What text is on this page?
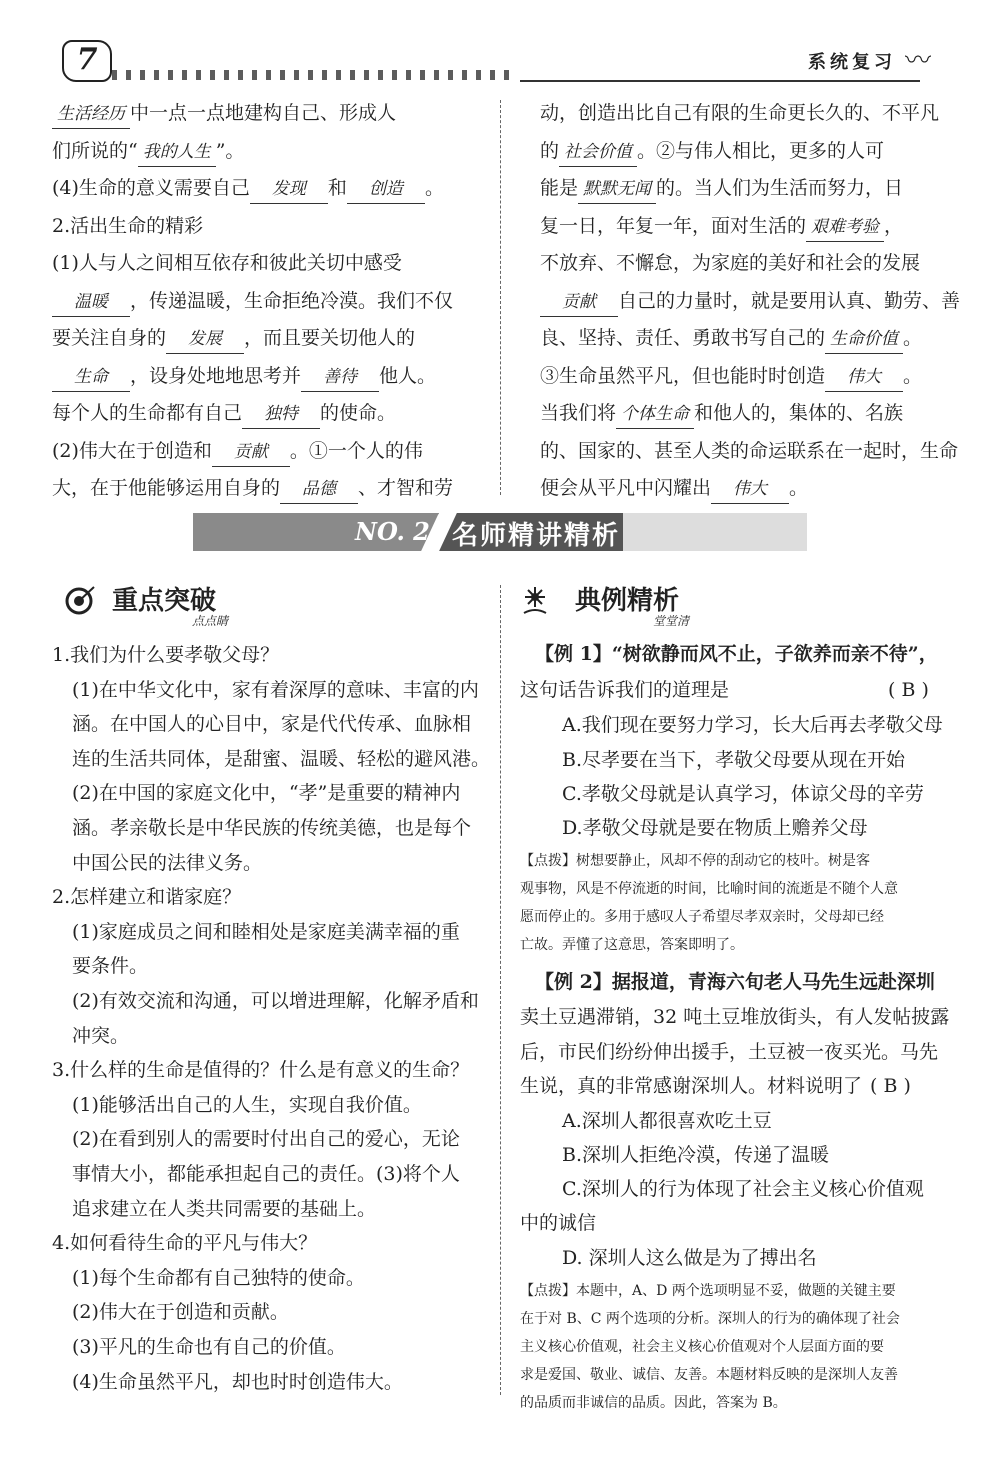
7	系统复习 〰
生活经历 中一点一点地建构自己、形成人
们所说的“ 我的人生 ”。
(4)生命的意义需要自己 发现 和 创造 。
2.活出生命的精彩
(1)人与人之间相互依存和彼此关切中感受
温暖 ，传递温暖，生命拒绝冷漠。我们不仅
要关注自身的 发展 ，而且要关切他人的
生命 ，设身处地地思考并 善待 他人。
每个人的生命都有自己 独特 的使命。
(2)伟大在于创造和 贡献 。①一个人的伟
大，在于他能够运用自身的 品德 、才智和劳
动，创造出比自己有限的生命更长久的、不平凡
的 社会价值 。②与伟人相比，更多的人可
能是 默默无闻 的。当人们为生活而努力，日
复一日，年复一年，面对生活的 艰难考验 ，
不放弃、不懈怠，为家庭的美好和社会的发展
贡献 自己的力量时，就是要用认真、勤劳、善
良、坚持、责任、勇敢书写自己的 生命价值 。
③生命虽然平凡，但也能时时创造 伟大 。
当我们将 个体生命 和他人的，集体的、名族
的、国家的、甚至人类的命运联系在一起时，生命
便会从平凡中闪耀出 伟大 。
NO. 2 名师精讲精析
重点突破
点点睛
典例精析
堂堂清
1.我们为什么要孝敬父母？
(1)在中华文化中，家有着深厚的意味、丰富的内
涵。在中国人的心目中，家是代代传承、血脉相
连的生活共同体，是甜蜜、温暖、轻松的避风港。
(2)在中国的家庭文化中，“孝”是重要的精神内
涵。孝亲敬长是中华民族的传统美德，也是每个
中国公民的法律义务。
2.怎样建立和谐家庭？
(1)家庭成员之间和睦相处是家庭美满幸福的重
要条件。
(2)有效交流和沟通，可以增进理解，化解矛盾和
冲突。
3.什么样的生命是值得的？什么是有意义的生命？
(1)能够活出自己的人生，实现自我价值。
(2)在看到别人的需要时付出自己的爱心，无论
事情大小，都能承担起自己的责任。(3)将个人
追求建立在人类共同需要的基础上。
4.如何看待生命的平凡与伟大？
(1)每个生命都有自己独特的使命。
(2)伟大在于创造和贡献。
(3)平凡的生命也有自己的价值。
(4)生命虽然平凡，却也时时创造伟大。
【例 1】“树欲静而风不止，子欲养而亲不待”，
这句话告诉我们的道理是	( B )
A.我们现在要努力学习，长大后再去孝敬父母
B.尽孝要在当下，孝敬父母要从现在开始
C.孝敬父母就是认真学习，体谅父母的辛劳
D.孝敬父母就是要在物质上赡养父母
【点拨】树想要静止，风却不停的刮动它的枝叶。树是客
观事物，风是不停流逝的时间，比喻时间的流逝是不随个人意
愿而停止的。多用于感叹人子希望尽孝双亲时，父母却已经
亡故。弄懂了这意思，答案即明了。
【例 2】据报道，青海六旬老人马先生远赴深圳
卖土豆遇滞销，32 吨土豆堆放街头，有人发帖披露
后，市民们纷纷伸出援手，土豆被一夜买光。马先
生说，真的非常感谢深圳人。材料说明了 ( B )
A.深圳人都很喜欢吃土豆
B.深圳人拒绝冷漠，传递了温暖
C.深圳人的行为体现了社会主义核心价值观
中的诚信
D. 深圳人这么做是为了搏出名
【点拨】本题中，A、D 两个选项明显不妥，做题的关键主要
在于对 B、C 两个选项的分析。深圳人的行为的确体现了社会
主义核心价值观，社会主义核心价值观对个人层面方面的要
求是爱国、敬业、诚信、友善。本题材料反映的是深圳人友善
的品质而非诚信的品质。因此，答案为 B。
